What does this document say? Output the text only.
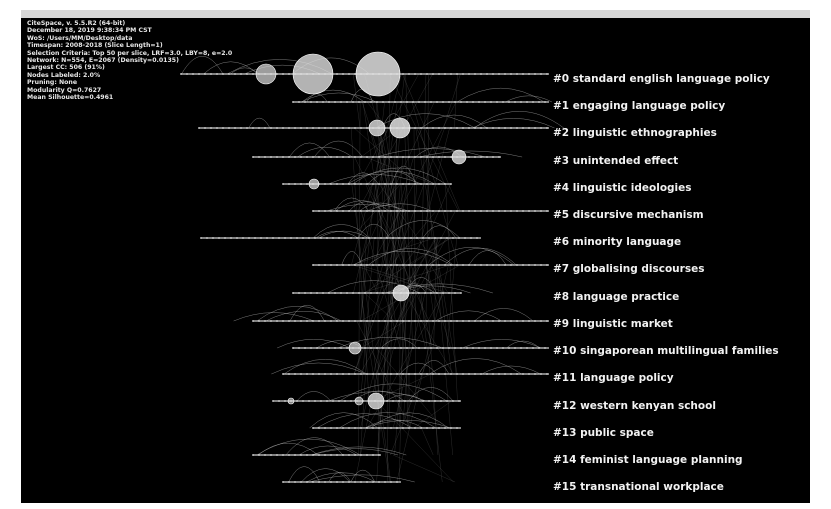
CiteSpace, v. 5.5.R2 (64-bit)
December 18, 2019 9:38:34 PM CST
WoS: /Users/MM/Desktop/data
Timespan: 2008-2018 (Slice Length=1)
Selection Criteria: Top 50 per slice, LRF=3.0, LBY=8, e=2.0
Network: N=554, E=2067 (Density=0.0135)
Largest CC: 506 (91%)
Nodes Labeled: 2.0%
Pruning: None
Modularity Q=0.7627
Mean Silhouette=0.4961
#0 standard english language policy
#1 engaging language policy
#2 linguistic ethnographies
#3 unintended effect
#4 linguistic ideologies
#5 discursive mechanism
#6 minority language
#7 globalising discourses
#8 language practice
#9 linguistic market
#10 singaporean multilingual families
#11 language policy
#12 western kenyan school
#13 public space
#14 feminist language planning
#15 transnational workplace
